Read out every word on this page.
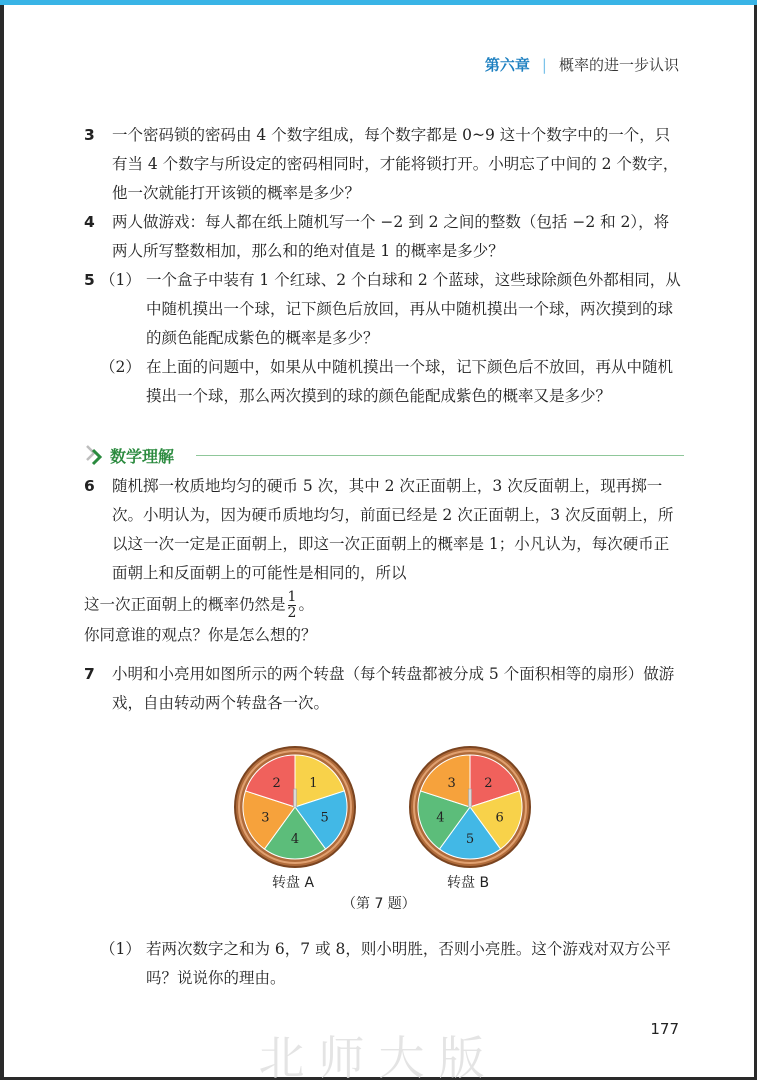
第六章 | 概率的进一步认识
3	一个密码锁的密码由 4 个数字组成，每个数字都是 0~9 这十个数字中的一个，只有当 4 个数字与所设定的密码相同时，才能将锁打开。小明忘了中间的 2 个数字，他一次就能打开该锁的概率是多少？
4	两人做游戏：每人都在纸上随机写一个 −2 到 2 之间的整数（包括 −2 和 2），将两人所写整数相加，那么和的绝对值是 1 的概率是多少？
5 （1） 一个盒子中装有 1 个红球、2 个白球和 2 个蓝球，这些球除颜色外都相同，从中随机摸出一个球，记下颜色后放回，再从中随机摸出一个球，两次摸到的球的颜色能配成紫色的概率是多少？
（2） 在上面的问题中，如果从中随机摸出一个球，记下颜色后不放回，再从中随机摸出一个球，那么两次摸到的球的颜色能配成紫色的概率又是多少？
数学理解
6	随机掷一枚质地均匀的硬币 5 次，其中 2 次正面朝上，3 次反面朝上，现再掷一次。小明认为，因为硬币质地均匀，前面已经是 2 次正面朝上，3 次反面朝上，所以这一次一定是正面朝上，即这一次正面朝上的概率是 1；小凡认为，每次硬币正面朝上和反面朝上的可能性是相同的，所以
这一次正面朝上的概率仍然是 $\frac{1}{2}$ 。
你同意谁的观点？你是怎么想的？
7	小明和小亮用如图所示的两个转盘（每个转盘都被分成 5 个面积相等的扇形）做游戏，自由转动两个转盘各一次。
1
5
4
3
2	2
6
5
4
3
转盘 A	转盘 B
（第 7 题）
（1） 若两次数字之和为 6，7 或 8，则小明胜，否则小亮胜。这个游戏对双方公平吗？说说你的理由。
177
北师大版
